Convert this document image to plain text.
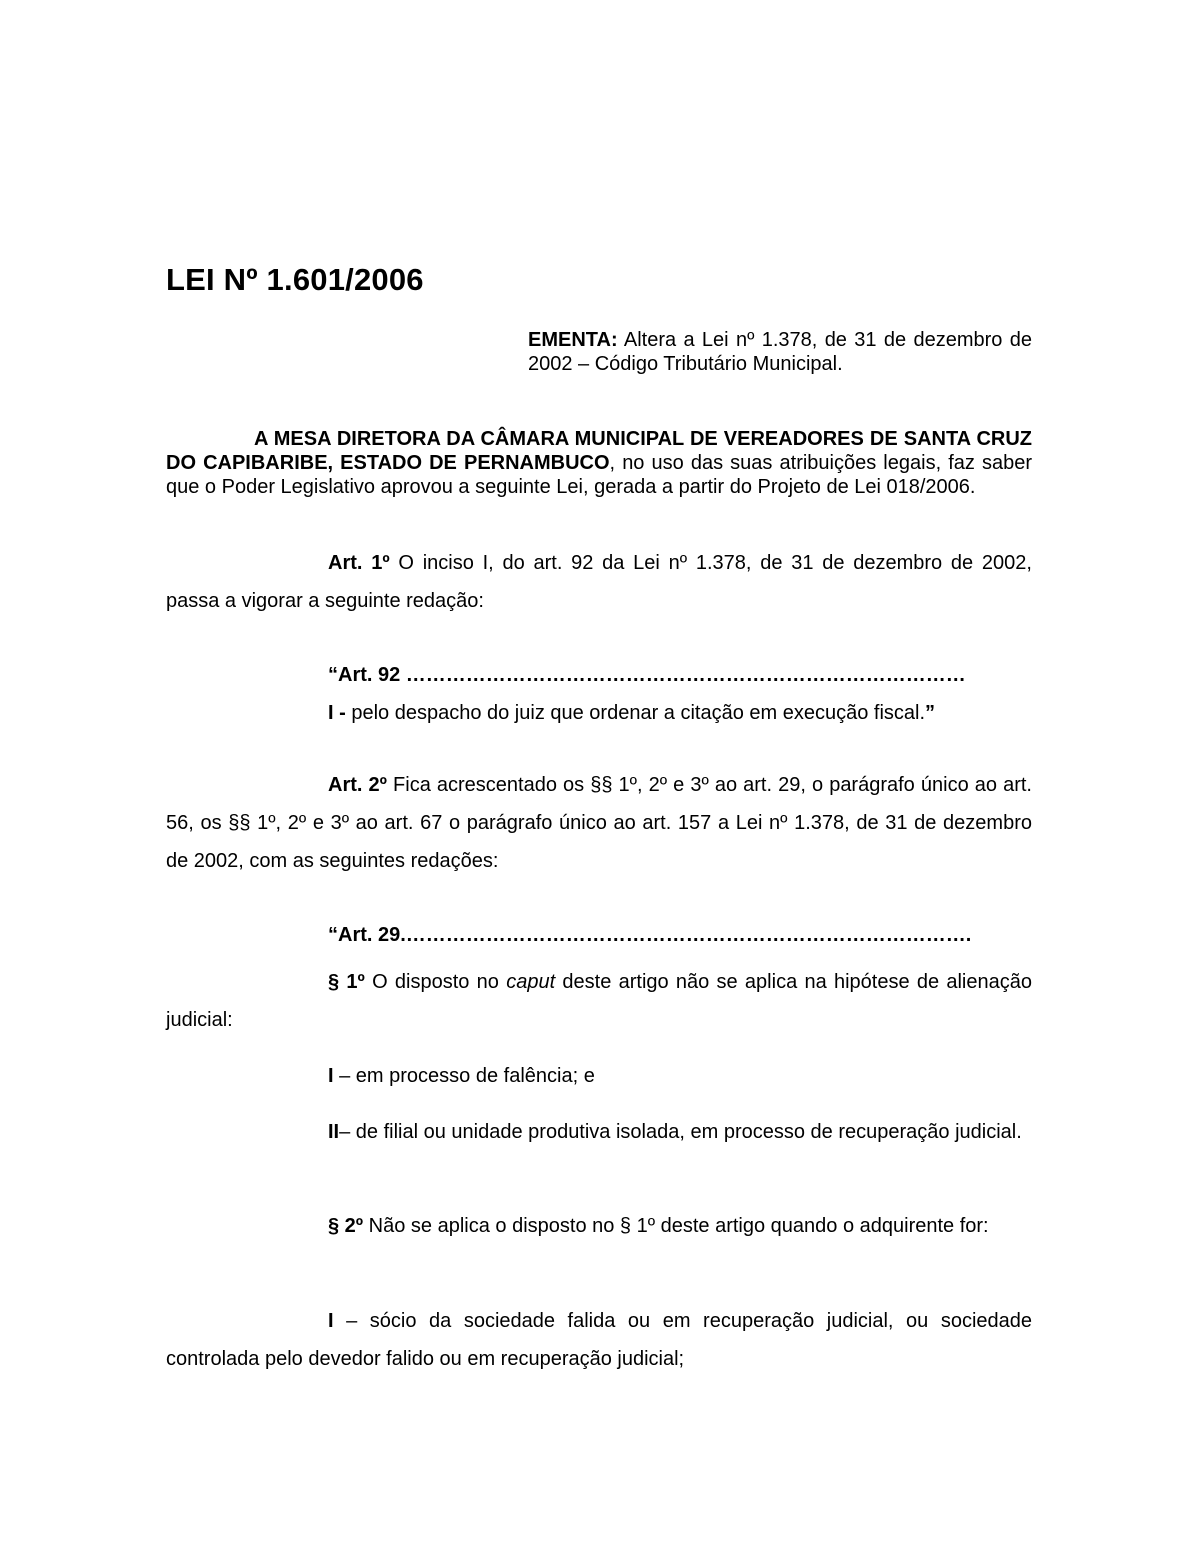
LEI Nº 1.601/2006
EMENTA: Altera a Lei nº 1.378, de 31 de dezembro de 2002 – Código Tributário Municipal.
A MESA DIRETORA DA CÂMARA MUNICIPAL DE VEREADORES DE SANTA CRUZ DO CAPIBARIBE, ESTADO DE PERNAMBUCO, no uso das suas atribuições legais, faz saber que o Poder Legislativo aprovou a seguinte Lei, gerada a partir do Projeto de Lei 018/2006.
Art. 1º O inciso I, do art. 92 da Lei nº 1.378, de 31 de dezembro de 2002, passa a vigorar a seguinte redação:
“Art. 92 …………………………………………………………………………
I - pelo despacho do juiz que ordenar a citação em execução fiscal.”
Art. 2º Fica acrescentado os §§ 1º, 2º e 3º ao art. 29, o parágrafo único ao art. 56, os §§ 1º, 2º e 3º ao art. 67 o parágrafo único ao art. 157 a Lei nº 1.378, de 31 de dezembro de 2002, com as seguintes redações:
“Art. 29.………………………………………………………………………….
§ 1º O disposto no caput deste artigo não se aplica na hipótese de alienação judicial:
I – em processo de falência; e
II– de filial ou unidade produtiva isolada, em processo de recuperação judicial.
§ 2º Não se aplica o disposto no § 1º deste artigo quando o adquirente for:
I – sócio da sociedade falida ou em recuperação judicial, ou sociedade controlada pelo devedor falido ou em recuperação judicial;
